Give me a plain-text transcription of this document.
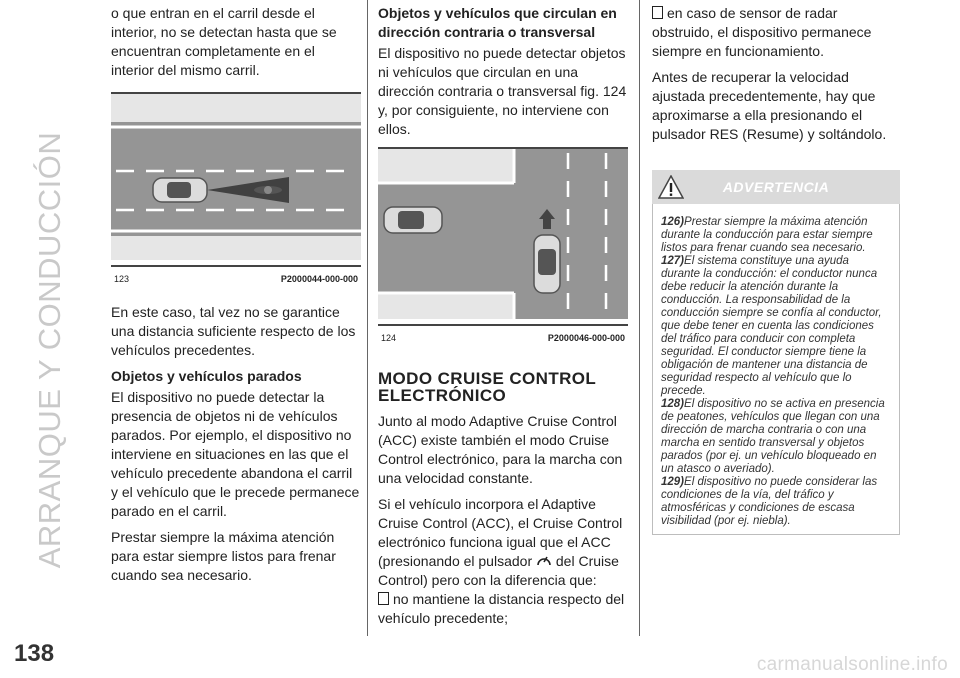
ARRANQUE Y CONDUCCIÓN
138

o que entran en el carril desde el interior, no se detectan hasta que se encuentran completamente en el interior del mismo carril.

123	P2000044-000-000

En este caso, tal vez no se garantice una distancia suficiente respecto de los vehículos precedentes.

Objetos y vehículos parados

El dispositivo no puede detectar la presencia de objetos ni de vehículos parados. Por ejemplo, el dispositivo no interviene en situaciones en las que el vehículo precedente abandona el carril y el vehículo que le precede permanece parado en el carril.

Prestar siempre la máxima atención para estar siempre listos para frenar cuando sea necesario.

Objetos y vehículos que circulan en dirección contraria o transversal

El dispositivo no puede detectar objetos ni vehículos que circulan en una dirección contraria o transversal fig. 124 y, por consiguiente, no interviene con ellos.

124	P2000046-000-000
MODO CRUISE CONTROL ELECTRÓNICO

Junto al modo Adaptive Cruise Control (ACC) existe también el modo Cruise Control electrónico, para la marcha con una velocidad constante.

Si el vehículo incorpora el Adaptive Cruise Control (ACC), el Cruise Control electrónico funciona igual que el ACC (presionando el pulsador del Cruise Control) pero con la diferencia que:

no mantiene la distancia respecto del vehículo precedente;

en caso de sensor de radar obstruido, el dispositivo permanece siempre en funcionamiento.

Antes de recuperar la velocidad ajustada precedentemente, hay que aproximarse a ella presionando el pulsador RES (Resume) y soltándolo.

ADVERTENCIA

126)Prestar siempre la máxima atención durante la conducción para estar siempre listos para frenar cuando sea necesario.

127)El sistema constituye una ayuda durante la conducción: el conductor nunca debe reducir la atención durante la conducción. La responsabilidad de la conducción siempre se confía al conductor, que debe tener en cuenta las condiciones del tráfico para conducir con completa seguridad. El conductor siempre tiene la obligación de mantener una distancia de seguridad respecto al vehículo que lo precede.

128)El dispositivo no se activa en presencia de peatones, vehículos que llegan con una dirección de marcha contraria o con una marcha en sentido transversal y objetos parados (por ej. un vehículo bloqueado en un atasco o averiado).

129)El dispositivo no puede considerar las condiciones de la vía, del tráfico y atmosféricas y condiciones de escasa visibilidad (por ej. niebla).

carmanualsonline.info
